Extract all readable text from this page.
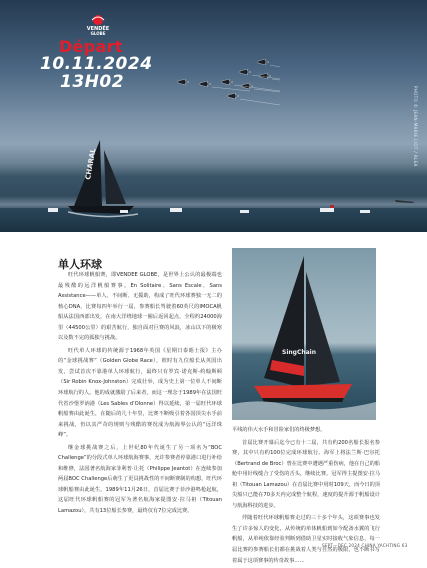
VENDÉE
GLOBE
Départ
10.11.2024
13H02
PHOTO © JEAN-MARIE LIOT / ALEA
CHARAL
单人环球

旺代环球帆船赛，即VENDEE GLOBE，是世界上公认的最极端也最残酷的远洋帆船赛事。En Solitaire、Sans Escale、Sans Assistance——单人、不间断、无援助，构成了旺代环球赛独一无二的核心DNA，比赛每四年举行一届，参赛船长驾驶着60英尺的IMOCA帆船从法国西部出发，在南大洋绕地球一圈后返回起点，全程约24000海里（44500公里）的艰苦航行，独自面对巨赛的风浪，冰山以下的极寒以及数不完的孤独与挑战。

旺代单人环球的传统源于1968年英国《星期日泰晤士报》主办的“金球挑战赛”（Golden Globe Race），彼时有九位船长从英国出发，尝试首次不靠港单人环球航行，最终只有罗宾·诺克斯-约翰斯顿（Sir Robin Knox-Johnston）完成壮举，成为史上第一位单人不间断环球航行的人。他的成就激励了后来者，而这一理念于1989年在法国旺代省沙堡罗讷港（Les Sables d’Olonne）得以延续，第一届旺代环球帆船赛由此诞生，在随后的几十年里，比赛不断吸引着各国顶尖水手前来挑战，仍以其严苛的规则与残酷的赛况成为航海界公认的“远洋珠峰”。

继金球挑战赛之后，上世纪80年代诞生了另一项名为“BOC Challenge”的分段式单人环球航海赛事，允许参赛者停靠港口进行补给和维修，法国著名航海家菲利普·让托（Philippe Jeantot）在连续参加两届BOC Challenge后萌生了更具挑战性的不间断赛制的构想，旺代环球帆船赛由此诞生。1989年11月26日，首届比赛于菲沙港鸣枪起航，这届旺代环球帆船赛的冠军为著名航海家提图安·拉马祖（Titouan Lamazou），共有13位船长参赛，最终仅有7位完成比赛。

SingChain

平线的伟大水手和冒险家们的终极梦想。

首届比赛开幕后迄今已有十二届，共有约200名船长报名参赛，其中只有约100位完成环球航行。海军上将法兰斯·巴尔托（Bertrand de Broc）曾在比赛中遭遇严重伤病，他在自己的船舱中用针线缝合了受伤的舌头，继续比赛。冠军得主提图安·拉马祖（Titouan Lamazou）在首届比赛中用时109天，而今日的顶尖船只已能在70多天内完成整个航程，速度的提升源于帆船设计与航海科技的进步。

伴随着旺代环球帆船赛走过的三十多个年头，这项赛事也发生了许多惊人的变化，从传统的单体帆船到如今配备水翼的飞行帆船，从单纯依靠经验判断到借助卫星实时接收气象信息，每一届比赛的参赛船长们都在挑战着人类与自然的极限，也不断书写着属于这项赛事的传奇故事……

SEPT—DEC.2024 CHINA YACHTING 63
